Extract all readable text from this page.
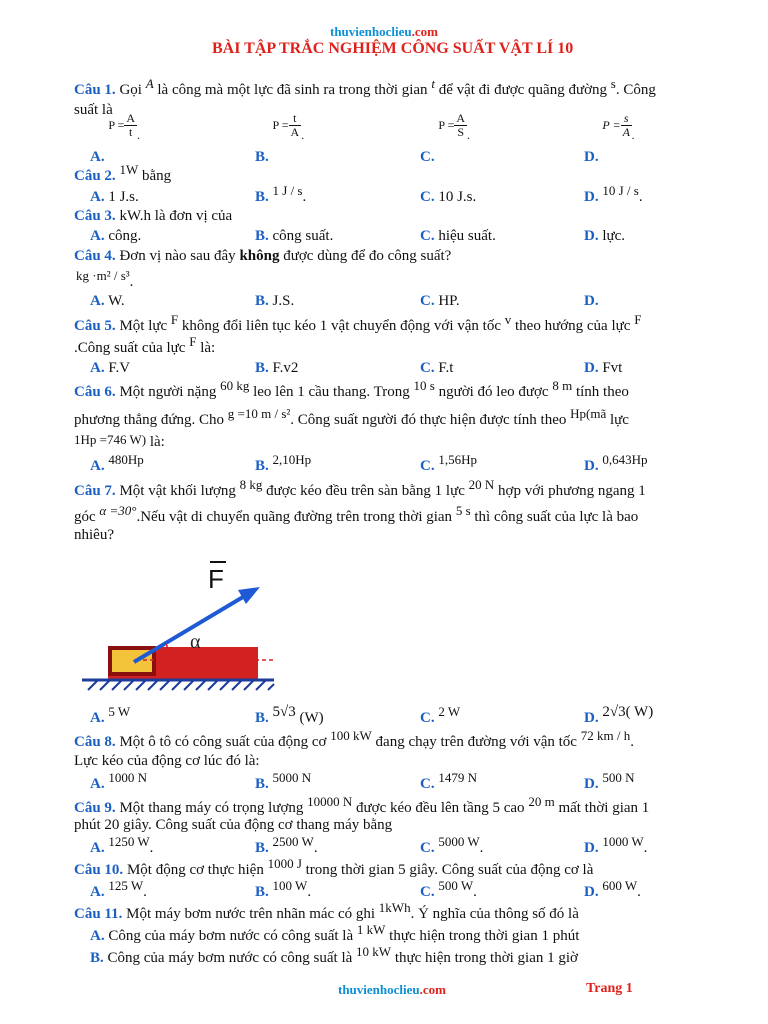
thuvienhoclieu.com
BÀI TẬP TRẮC NGHIỆM CÔNG SUẤT VẬT LÍ 10
Câu 1. Gọi A là công mà một lực đã sinh ra trong thời gian t để vật đi được quãng đường s. Công
suất là
A.
$P = \frac{A}{t}$ .
B.
$P = \frac{t}{A}$ .
C.
$P = \frac{A}{S}$ .
D.
$P = \frac{s}{A}$ .
Câu 2. 1W bằng
A. 1 J.s.	B. 1 J / s.	C. 10 J.s.	D. 10 J / s.
Câu 3. kW.h là đơn vị của
A. công.	B. công suất.	C. hiệu suất.	D. lực.
Câu 4. Đơn vị nào sau đây không được dùng để đo công suất?
kg ·m² / s³.
A. W.	B. J.S.	C. HP.	D.
Câu 5. Một lực F không đổi liên tục kéo 1 vật chuyển động với vận tốc v theo hướng của lực F
.Công suất của lực F là:
A. F.V	B. F.v2	C. F.t	D. Fvt
Câu 6. Một người nặng 60 kg leo lên 1 cầu thang. Trong 10 s người đó leo được 8 m tính theo
phương thẳng đứng. Cho g =10 m / s². Công suất người đó thực hiện được tính theo Hp(mã lực
1Hp =746 W) là:
A. 480Hp	B. 2,10Hp	C. 1,56Hp	D. 0,643Hp
Câu 7. Một vật khối lượng 8 kg được kéo đều trên sàn bằng 1 lực 20 N hợp với phương ngang 1
góc α =30°.Nếu vật di chuyển quãng đường trên trong thời gian 5 s thì công suất của lực là bao
nhiêu?
α
F
A. 5 W	B. 5√3 (W)	C. 2 W	D. 2√3( W)
Câu 8. Một ô tô có công suất của động cơ 100 kW đang chạy trên đường với vận tốc 72 km / h.
Lực kéo của động cơ lúc đó là:
A. 1000 N	B. 5000 N	C. 1479 N	D. 500 N
Câu 9. Một thang máy có trọng lượng 10000 N được kéo đều lên tầng 5 cao 20 m mất thời gian 1
phút 20 giây. Công suất của động cơ thang máy bằng
A. 1250 W.	B. 2500 W.	C. 5000 W.	D. 1000 W.
Câu 10. Một động cơ thực hiện 1000 J trong thời gian 5 giây. Công suất của động cơ là
A. 125 W.	B. 100 W.	C. 500 W.	D. 600 W.
Câu 11. Một máy bơm nước trên nhãn mác có ghi 1kWh. Ý nghĩa của thông số đó là
A. Công của máy bơm nước có công suất là 1 kW thực hiện trong thời gian 1 phút
B. Công của máy bơm nước có công suất là 10 kW thực hiện trong thời gian 1 giờ
thuvienhoclieu.com	Trang 1
